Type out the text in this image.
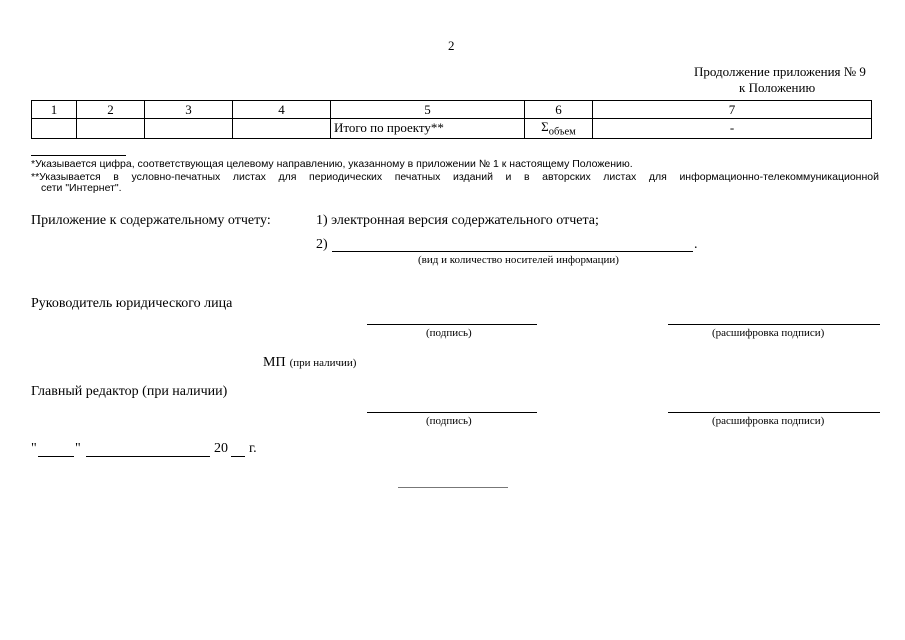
2
Продолжение приложения № 9
к Положению
1	2	3	4	5	6	7
				Итого по проекту**	$\Sigma_{объем}$	-
*Указывается цифра, соответствующая целевому направлению, указанному в приложении № 1 к настоящему Положению.
**Указывается в условно-печатных листах для периодических печатных изданий и в авторских листах для информационно-телекоммуникационной
сети "Интернет".
Приложение к содержательному отчету:	1) электронная версия содержательного отчета;
2)	.
(вид и количество носителей информации)
Руководитель юридического лица
(подпись)	(расшифровка подписи)
МП (при наличии)
Главный редактор (при наличии)
(подпись)	(расшифровка подписи)
"	"	20 г.
